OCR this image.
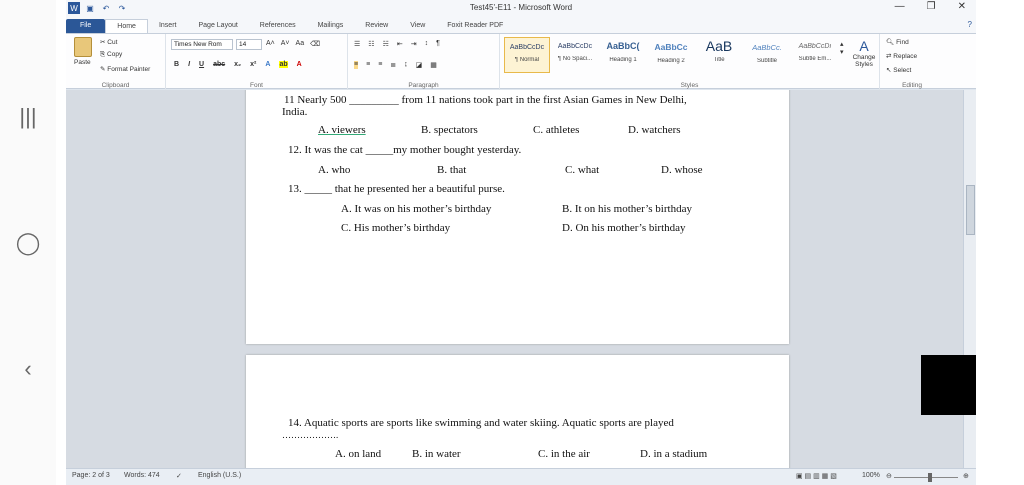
|||
◯
‹
W ▣	↶	↷	Test45'-E11 - Microsoft Word	— ❐ ✕
File	Home	Insert	Page Layout	References	Mailings	Review	View	Foxit Reader PDF	?
Paste
✂ Cut
⎘ Copy
✎ Format Painter
Clipboard
Times New Rom	14	A˄ A˅ Aa ⌫
B I U abc x₂ x² A ab A
Font
☰ ☷ ☵ ⇤ ⇥ ↕ ¶
≡ ≡ ≡ ≣ ↨ ◪ ▦
Paragraph
AaBbCcDc
¶ Normal
AaBbCcDc
¶ No Spaci...
AaBbC(
Heading 1
AaBbCc
Heading 2
AaB
Title
AaBbCc.
Subtitle
AaBbCcDı
Subtle Em...
▴
▾	A
Change Styles
Styles
🔍︎ Find
⇄ Replace
↖ Select
Editing
11 Nearly 500 _________ from 11 nations took part in the first Asian Games in New Delhi,
India.
A. viewers	B. spectators	C. athletes	D. watchers
12. It was the cat _____my mother bought yesterday.
A. who	B. that	C. what	D. whose
13. _____ that he presented her a beautiful purse.
A. It was on his mother’s birthday	B. It on his mother’s birthday
C. His mother’s birthday	D. On his mother’s birthday
14. Aquatic sports are sports like swimming and water skiing. Aquatic sports are played
……………….
A. on land	B. in water	C. in the air	D. in a stadium
Page: 2 of 3 Words: 474 ✓ English (U.S.)	▣ ▤ ▥ ▦ ▧	100% ⊖	⊕
